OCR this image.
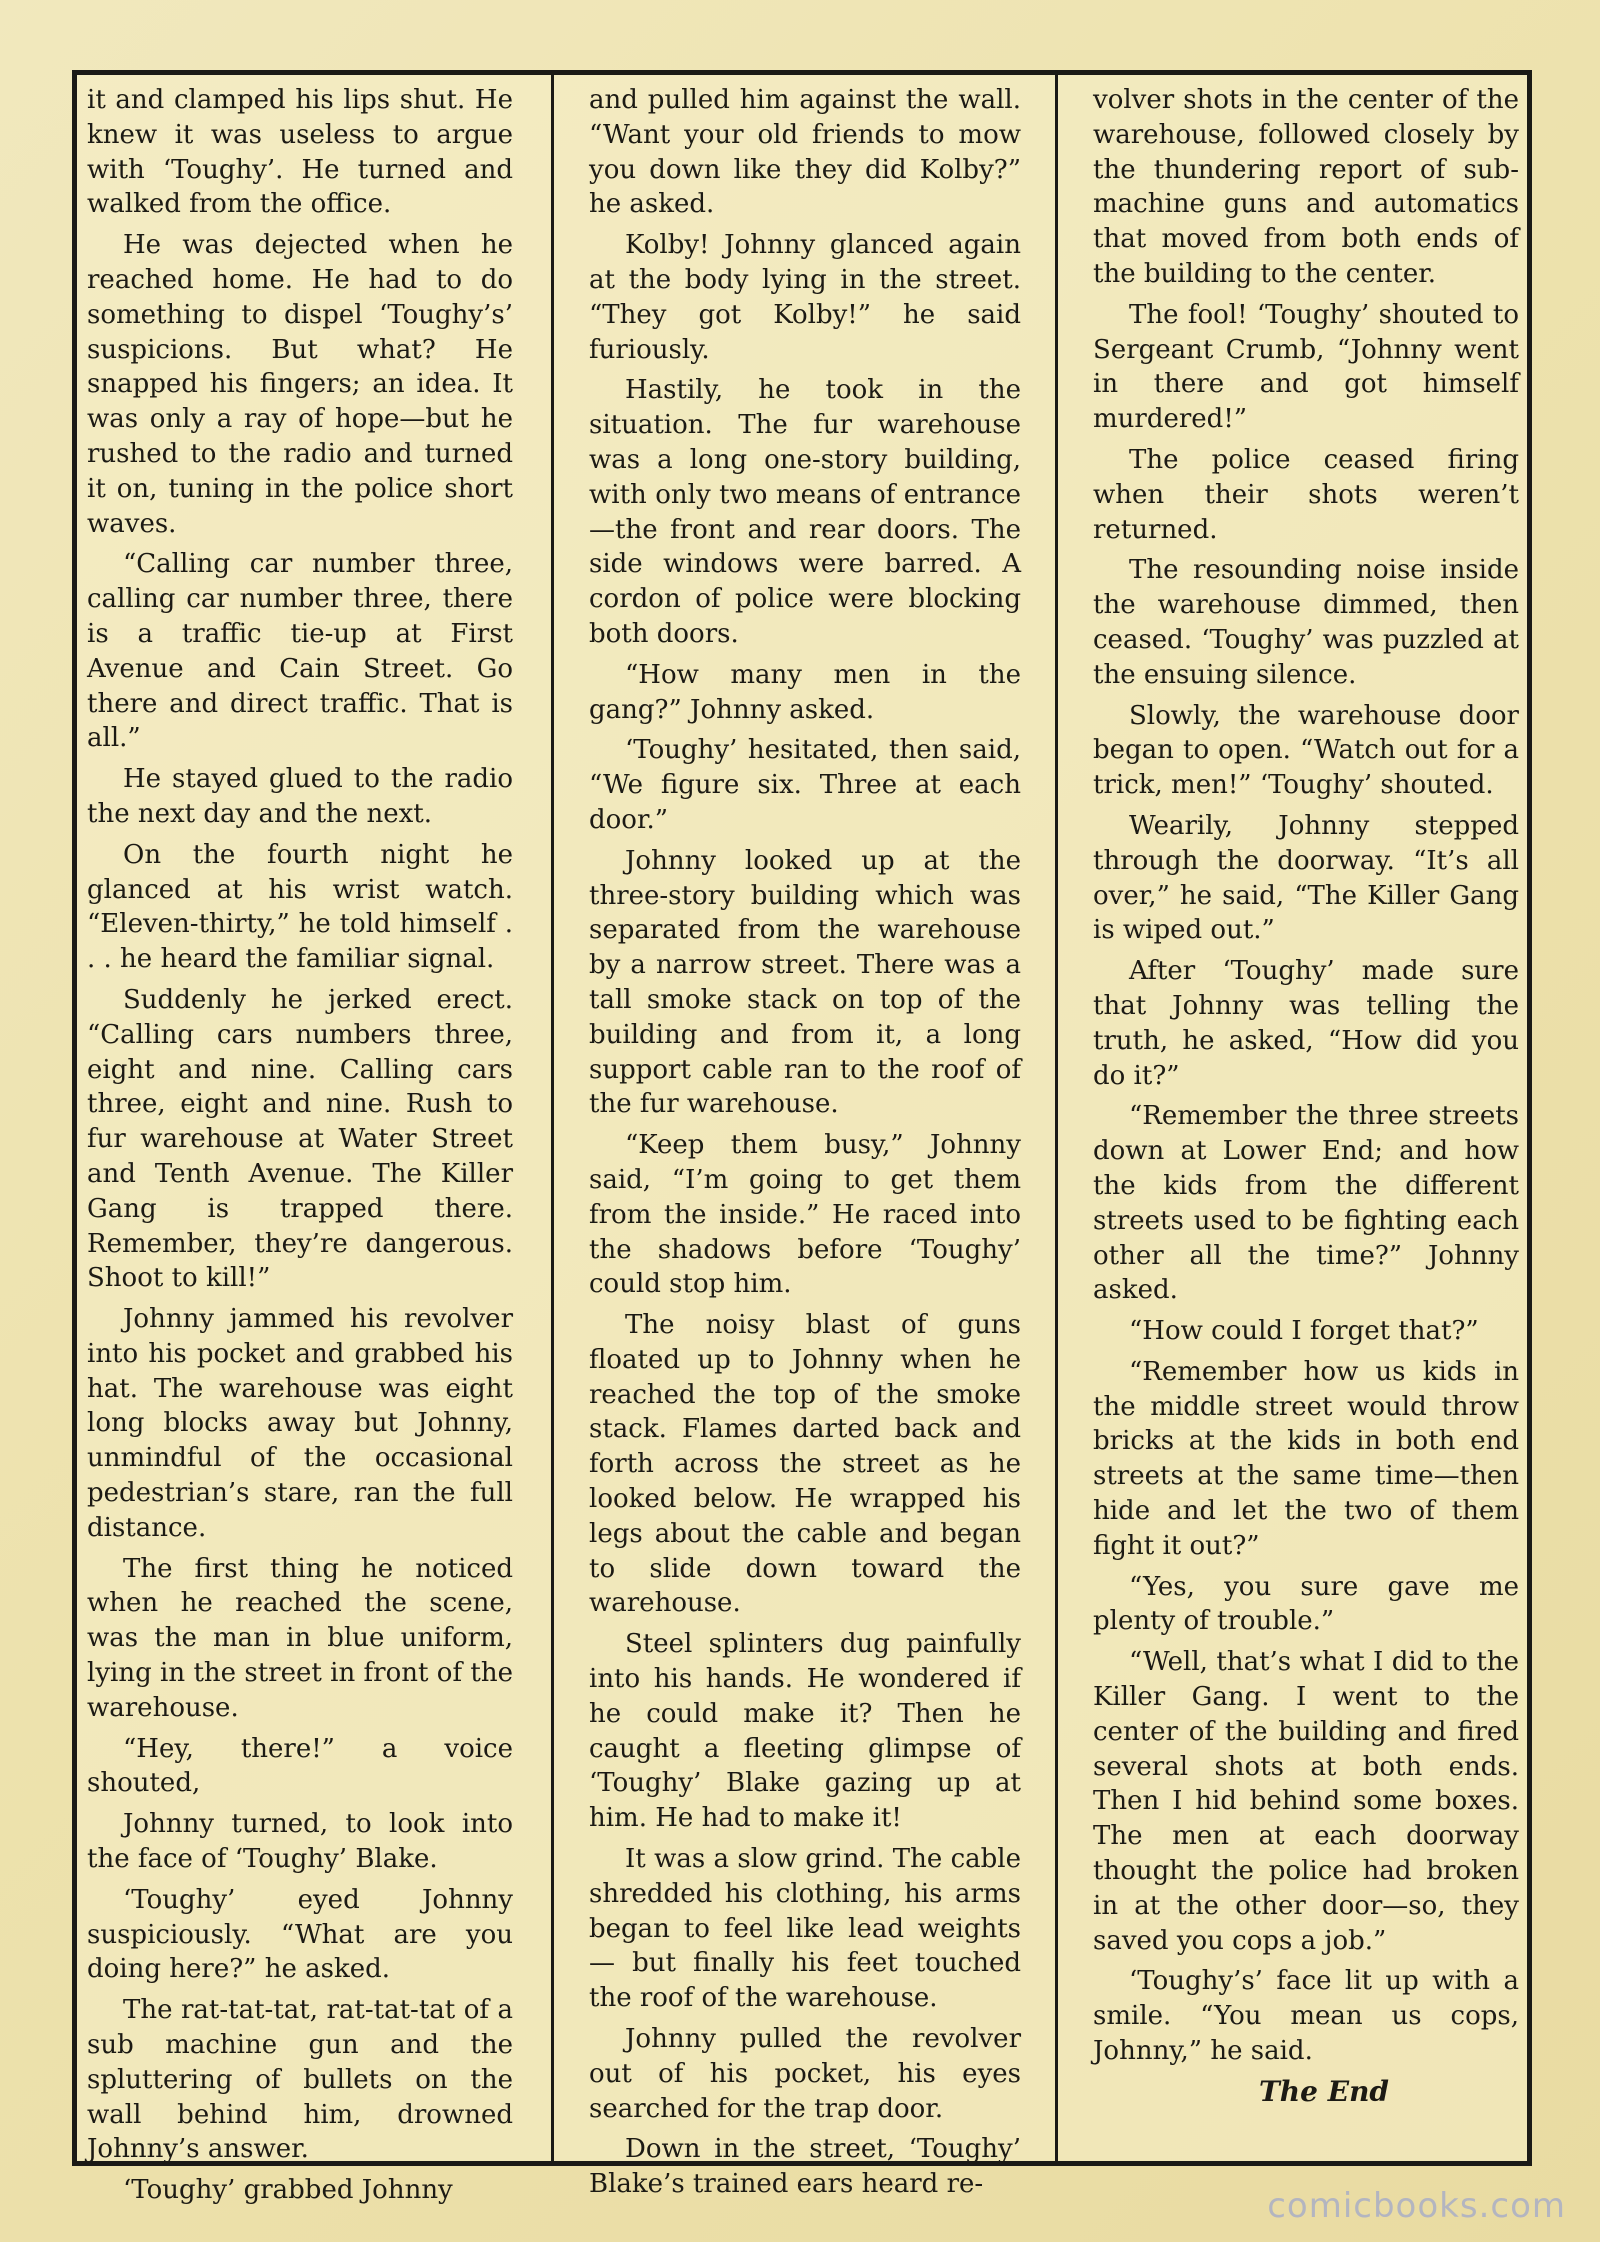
it and clamped his lips shut. He knew it was useless to argue with ‘Toughy’. He turned and walked from the office.

He was dejected when he reached home. He had to do something to dispel ‘Toughy’s’ suspicions. But what? He snapped his fingers; an idea. It was only a ray of hope—but he rushed to the radio and turned it on, tuning in the police short waves.

“Calling car number three, calling car number three, there is a traffic tie-up at First Avenue and Cain Street. Go there and direct traffic. That is all.”

He stayed glued to the radio the next day and the next.

On the fourth night he glanced at his wrist watch. “Eleven-thirty,” he told himself . . . he heard the familiar signal.

Suddenly he jerked erect. “Calling cars numbers three, eight and nine. Calling cars three, eight and nine. Rush to fur warehouse at Water Street and Tenth Avenue. The Killer Gang is trapped there. Remember, they’re dangerous. Shoot to kill!”

Johnny jammed his revolver into his pocket and grabbed his hat. The warehouse was eight long blocks away but Johnny, unmindful of the occasional pedestrian’s stare, ran the full distance.

The first thing he noticed when he reached the scene, was the man in blue uniform, lying in the street in front of the warehouse.

“Hey, there!” a voice shouted,

Johnny turned, to look into the face of ‘Toughy’ Blake.

‘Toughy’ eyed Johnny suspiciously. “What are you doing here?” he asked.

The rat-tat-tat, rat-tat-tat of a sub machine gun and the spluttering of bullets on the wall behind him, drowned Johnny’s answer.

‘Toughy’ grabbed Johnny

and pulled him against the wall. “Want your old friends to mow you down like they did Kolby?” he asked.

Kolby! Johnny glanced again at the body lying in the street. “They got Kolby!” he said furiously.

Hastily, he took in the situation. The fur warehouse was a long one-story building, with only two means of entrance—the front and rear doors. The side windows were barred. A cordon of police were blocking both doors.

“How many men in the gang?” Johnny asked.

‘Toughy’ hesitated, then said, “We figure six. Three at each door.”

Johnny looked up at the three-story building which was separated from the warehouse by a narrow street. There was a tall smoke stack on top of the building and from it, a long support cable ran to the roof of the fur warehouse.

“Keep them busy,” Johnny said, “I’m going to get them from the inside.” He raced into the shadows before ‘Toughy’ could stop him.

The noisy blast of guns floated up to Johnny when he reached the top of the smoke stack. Flames darted back and forth across the street as he looked below. He wrapped his legs about the cable and began to slide down toward the warehouse.

Steel splinters dug painfully into his hands. He wondered if he could make it? Then he caught a fleeting glimpse of ‘Toughy’ Blake gazing up at him. He had to make it!

It was a slow grind. The cable shredded his clothing, his arms began to feel like lead weights — but finally his feet touched the roof of the warehouse.

Johnny pulled the revolver out of his pocket, his eyes searched for the trap door.

Down in the street, ‘Toughy’ Blake’s trained ears heard re-

volver shots in the center of the warehouse, followed closely by the thundering report of sub-machine guns and automatics that moved from both ends of the building to the center.

The fool! ‘Toughy’ shouted to Sergeant Crumb, “Johnny went in there and got himself murdered!”

The police ceased firing when their shots weren’t returned.

The resounding noise inside the warehouse dimmed, then ceased. ‘Toughy’ was puzzled at the ensuing silence.

Slowly, the warehouse door began to open. “Watch out for a trick, men!” ‘Toughy’ shouted.

Wearily, Johnny stepped through the doorway. “It’s all over,” he said, “The Killer Gang is wiped out.”

After ‘Toughy’ made sure that Johnny was telling the truth, he asked, “How did you do it?”

“Remember the three streets down at Lower End; and how the kids from the different streets used to be fighting each other all the time?” Johnny asked.

“How could I forget that?”

“Remember how us kids in the middle street would throw bricks at the kids in both end streets at the same time—then hide and let the two of them fight it out?”

“Yes, you sure gave me plenty of trouble.”

“Well, that’s what I did to the Killer Gang. I went to the center of the building and fired several shots at both ends. Then I hid behind some boxes. The men at each doorway thought the police had broken in at the other door—so, they saved you cops a job.”

‘Toughy’s’ face lit up with a smile. “You mean us cops, Johnny,” he said.

The End

comicbooks.com
